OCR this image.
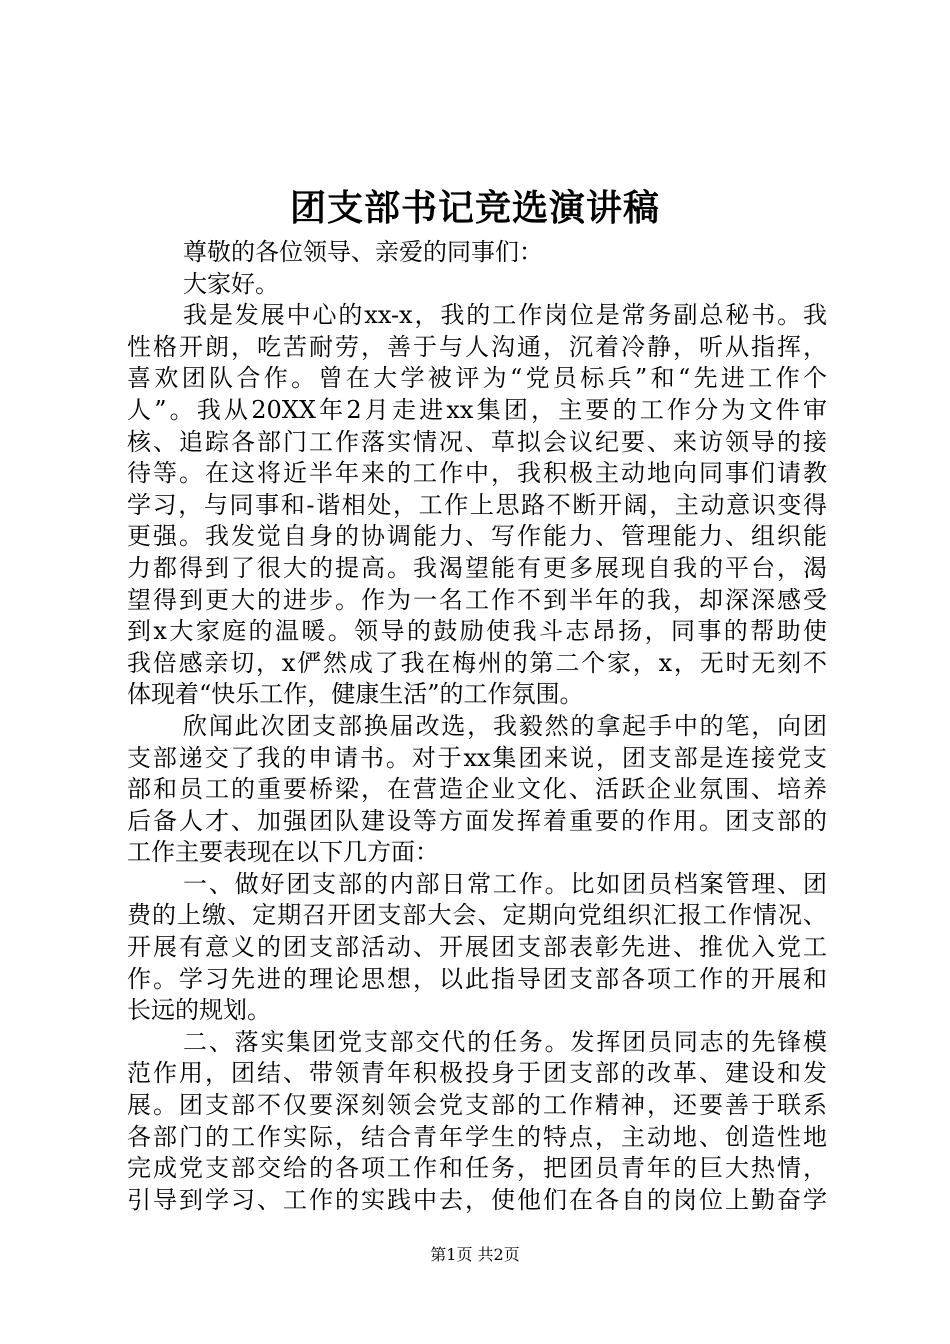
团支部书记竞选演讲稿
尊敬的各位领导、亲爱的同事们：
大家好。
我是发展中心的xx-x，我的工作岗位是常务副总秘书。我
性格开朗，吃苦耐劳，善于与人沟通，沉着冷静，听从指挥，
喜欢团队合作。曾在大学被评为“党员标兵”和“先进工作个
人”。我从20XX年2月走进xx集团，主要的工作分为文件审
核、追踪各部门工作落实情况、草拟会议纪要、来访领导的接
待等。在这将近半年来的工作中，我积极主动地向同事们请教
学习，与同事和-谐相处，工作上思路不断开阔，主动意识变得
更强。我发觉自身的协调能力、写作能力、管理能力、组织能
力都得到了很大的提高。我渴望能有更多展现自我的平台，渴
望得到更大的进步。作为一名工作不到半年的我，却深深感受
到x大家庭的温暖。领导的鼓励使我斗志昂扬，同事的帮助使
我倍感亲切，x俨然成了我在梅州的第二个家，x，无时无刻不
体现着“快乐工作，健康生活”的工作氛围。
欣闻此次团支部换届改选，我毅然的拿起手中的笔，向团
支部递交了我的申请书。对于xx集团来说，团支部是连接党支
部和员工的重要桥梁，在营造企业文化、活跃企业氛围、培养
后备人才、加强团队建设等方面发挥着重要的作用。团支部的
工作主要表现在以下几方面：
一、做好团支部的内部日常工作。比如团员档案管理、团
费的上缴、定期召开团支部大会、定期向党组织汇报工作情况、
开展有意义的团支部活动、开展团支部表彰先进、推优入党工
作。学习先进的理论思想，以此指导团支部各项工作的开展和
长远的规划。
二、落实集团党支部交代的任务。发挥团员同志的先锋模
范作用，团结、带领青年积极投身于团支部的改革、建设和发
展。团支部不仅要深刻领会党支部的工作精神，还要善于联系
各部门的工作实际，结合青年学生的特点，主动地、创造性地
完成党支部交给的各项工作和任务，把团员青年的巨大热情，
引导到学习、工作的实践中去，使他们在各自的岗位上勤奋学
第1页 共2页
